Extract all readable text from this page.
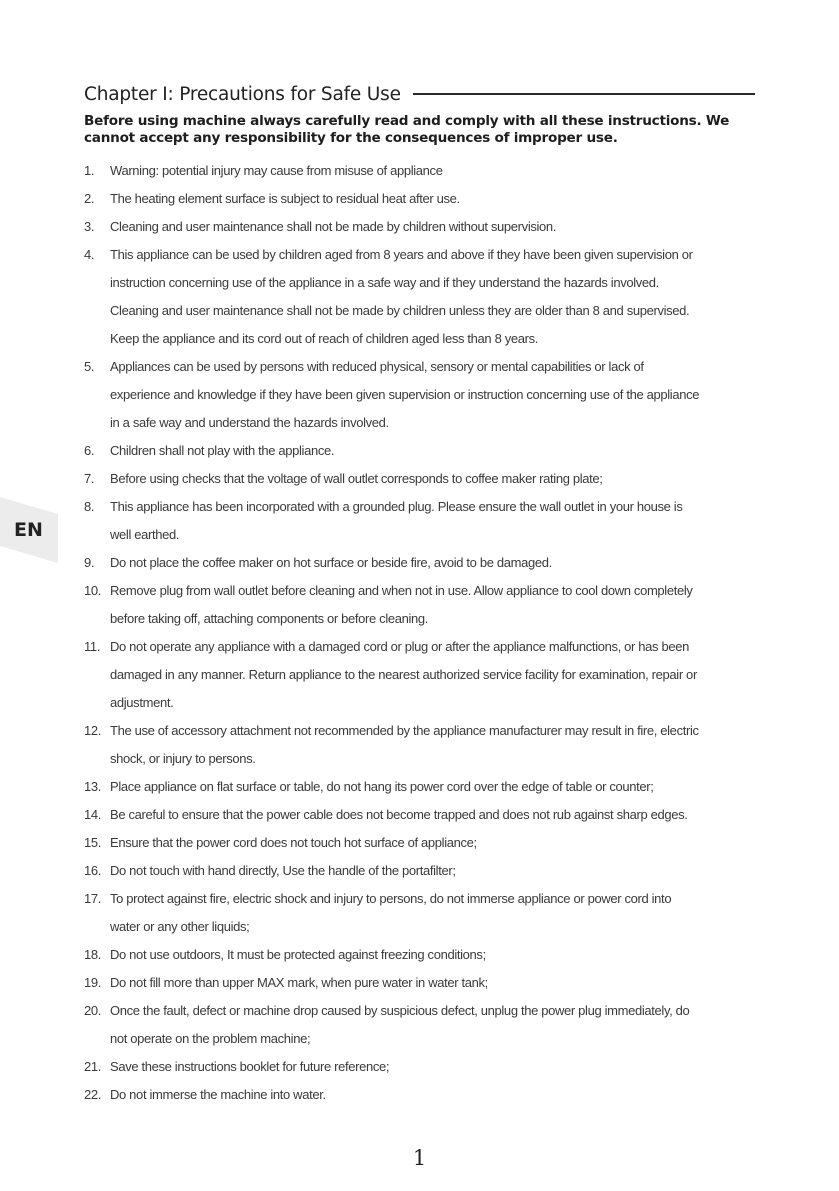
Chapter I: Precautions for Safe Use
Before using machine always carefully read and comply with all these instructions. We cannot accept any responsibility for the consequences of improper use.
1.	Warning: potential injury may cause from misuse of appliance
2.	The heating element surface is subject to residual heat after use.
3.	Cleaning and user maintenance shall not be made by children without supervision.
4.	This appliance can be used by children aged from 8 years and above if they have been given supervision or
instruction concerning use of the appliance in a safe way and if they understand the hazards involved.
Cleaning and user maintenance shall not be made by children unless they are older than 8 and supervised.
Keep the appliance and its cord out of reach of children aged less than 8 years.
5.	Appliances can be used by persons with reduced physical, sensory or mental capabilities or lack of
experience and knowledge if they have been given supervision or instruction concerning use of the appliance
in a safe way and understand the hazards involved.
6.	Children shall not play with the appliance.
7.	Before using checks that the voltage of wall outlet corresponds to coffee maker rating plate;
8.	This appliance has been incorporated with a grounded plug. Please ensure the wall outlet in your house is
well earthed.
9.	Do not place the coffee maker on hot surface or beside fire, avoid to be damaged.
10. Remove plug from wall outlet before cleaning and when not in use. Allow appliance to cool down completely
before taking off, attaching components or before cleaning.
11. Do not operate any appliance with a damaged cord or plug or after the appliance malfunctions, or has been
damaged in any manner. Return appliance to the nearest authorized service facility for examination, repair or
adjustment.
12. The use of accessory attachment not recommended by the appliance manufacturer may result in fire, electric
shock, or injury to persons.
13. Place appliance on flat surface or table, do not hang its power cord over the edge of table or counter;
14. Be careful to ensure that the power cable does not become trapped and does not rub against sharp edges.
15. Ensure that the power cord does not touch hot surface of appliance;
16. Do not touch with hand directly, Use the handle of the portafilter;
17. To protect against fire, electric shock and injury to persons, do not immerse appliance or power cord into
water or any other liquids;
18. Do not use outdoors, It must be protected against freezing conditions;
19. Do not fill more than upper MAX mark, when pure water in water tank;
20. Once the fault, defect or machine drop caused by suspicious defect, unplug the power plug immediately, do
not operate on the problem machine;
21. Save these instructions booklet for future reference;
22. Do not immerse the machine into water.
EN
1
